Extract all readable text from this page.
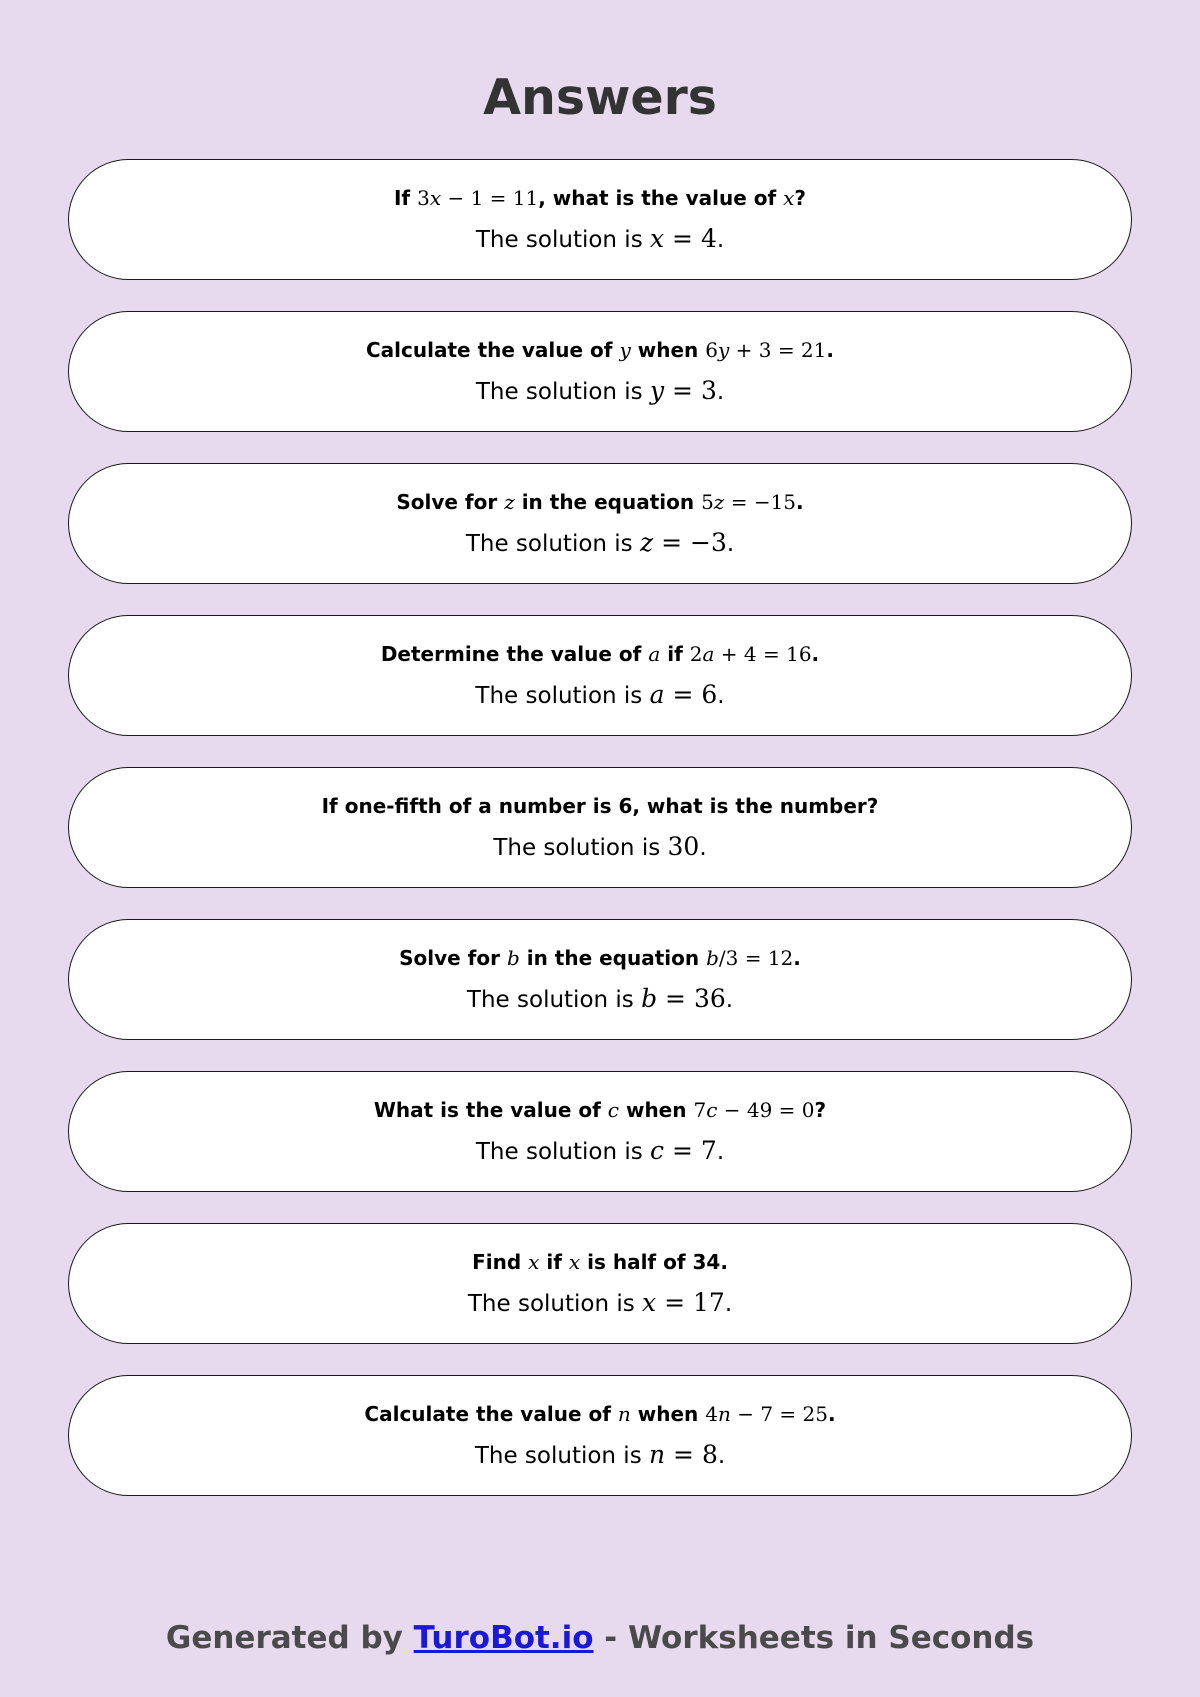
Answers
If 3x − 1 = 11, what is the value of x?
The solution is x = 4.
Calculate the value of y when 6y + 3 = 21.
The solution is y = 3.
Solve for z in the equation 5z = −15.
The solution is z = −3.
Determine the value of a if 2a + 4 = 16.
The solution is a = 6.
If one-fifth of a number is 6, what is the number?
The solution is 30.
Solve for b in the equation b/3 = 12.
The solution is b = 36.
What is the value of c when 7c − 49 = 0?
The solution is c = 7.
Find x if x is half of 34.
The solution is x = 17.
Calculate the value of n when 4n − 7 = 25.
The solution is n = 8.
Generated by TuroBot.io - Worksheets in Seconds
